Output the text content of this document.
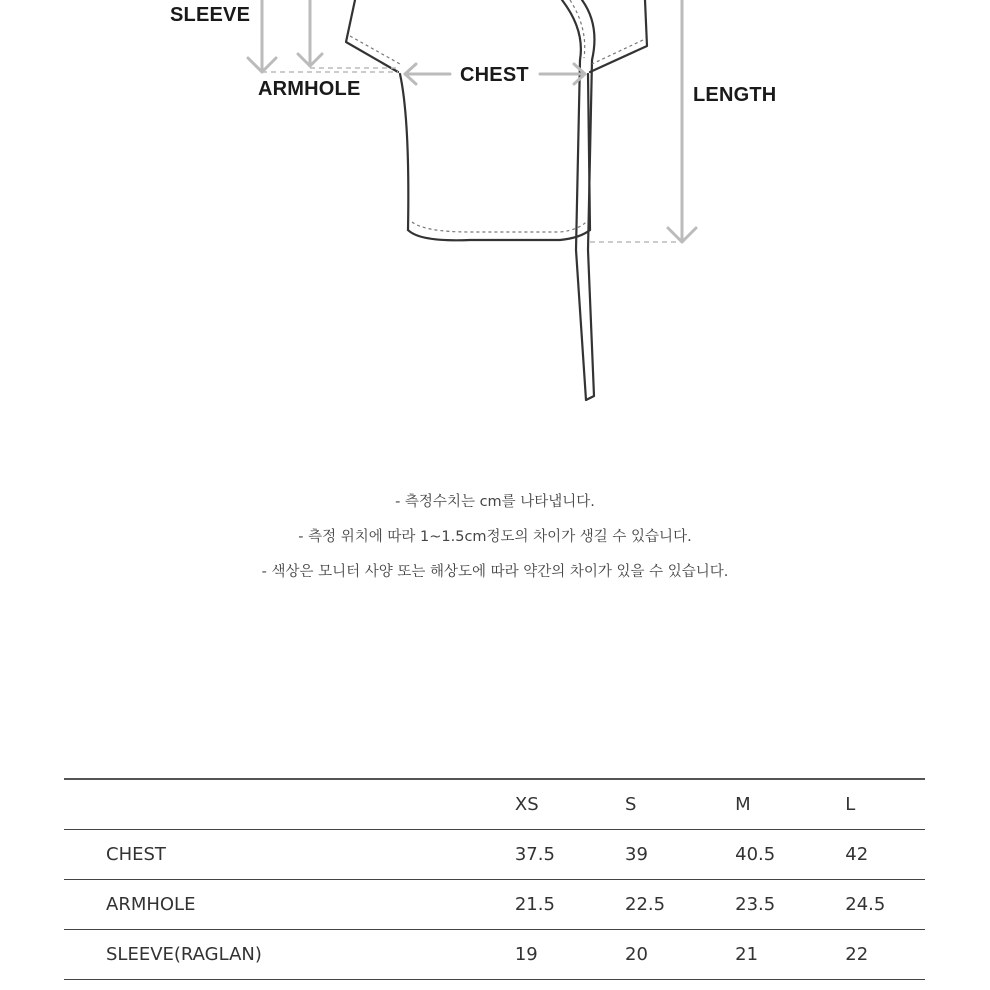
SLEEVE
ARMHOLE
CHEST
LENGTH
- 측정수치는 cm를 나타냅니다.
- 측정 위치에 따라 1~1.5cm정도의 차이가 생길 수 있습니다.
- 색상은 모니터 사양 또는 해상도에 따라 약간의 차이가 있을 수 있습니다.
	XS	S	M	L
CHEST	37.5	39	40.5	42
ARMHOLE	21.5	22.5	23.5	24.5
SLEEVE(RAGLAN)	19	20	21	22
